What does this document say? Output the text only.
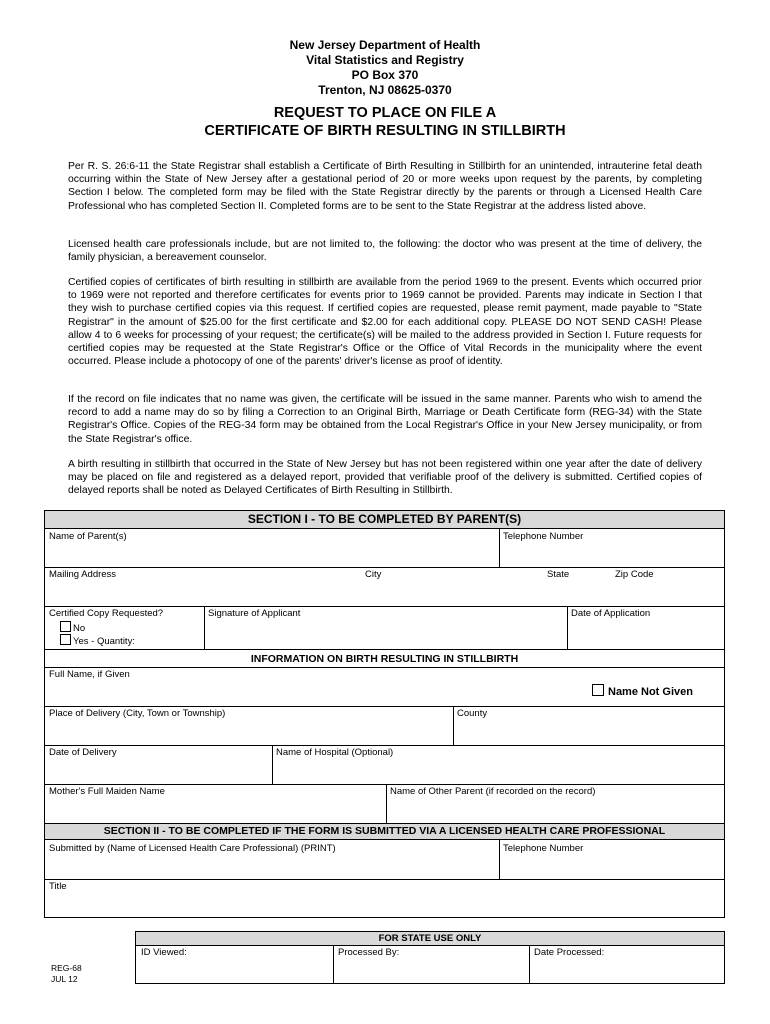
New Jersey Department of Health
Vital Statistics and Registry
PO Box 370
Trenton, NJ 08625-0370
REQUEST TO PLACE ON FILE A
CERTIFICATE OF BIRTH RESULTING IN STILLBIRTH
Per R. S. 26:6-11 the State Registrar shall establish a Certificate of Birth Resulting in Stillbirth for an unintended, intrauterine fetal death occurring within the State of New Jersey after a gestational period of 20 or more weeks upon request by the parents, by completing Section I below. The completed form may be filed with the State Registrar directly by the parents or through a Licensed Health Care Professional who has completed Section II. Completed forms are to be sent to the State Registrar at the address listed above.
Licensed health care professionals include, but are not limited to, the following: the doctor who was present at the time of delivery, the family physician, a bereavement counselor.
Certified copies of certificates of birth resulting in stillbirth are available from the period 1969 to the present. Events which occurred prior to 1969 were not reported and therefore certificates for events prior to 1969 cannot be provided. Parents may indicate in Section I that they wish to purchase certified copies via this request. If certified copies are requested, please remit payment, made payable to "State Registrar" in the amount of $25.00 for the first certificate and $2.00 for each additional copy. PLEASE DO NOT SEND CASH! Please allow 4 to 6 weeks for processing of your request; the certificate(s) will be mailed to the address provided in Section I. Future requests for certified copies may be requested at the State Registrar's Office or the Office of Vital Records in the municipality where the event occurred. Please include a photocopy of one of the parents' driver's license as proof of identity.
If the record on file indicates that no name was given, the certificate will be issued in the same manner. Parents who wish to amend the record to add a name may do so by filing a Correction to an Original Birth, Marriage or Death Certificate form (REG-34) with the State Registrar's Office. Copies of the REG-34 form may be obtained from the Local Registrar's Office in your New Jersey municipality, or from the State Registrar's office.
A birth resulting in stillbirth that occurred in the State of New Jersey but has not been registered within one year after the date of delivery may be placed on file and registered as a delayed report, provided that verifiable proof of the delivery is submitted. Certified copies of delayed reports shall be noted as Delayed Certificates of Birth Resulting in Stillbirth.
SECTION I - TO BE COMPLETED BY PARENT(S)
Name of Parent(s)	Telephone Number
Mailing Address	City	State	Zip Code
Certified Copy Requested?
No
Yes - Quantity:
Signature of Applicant	Date of Application
INFORMATION ON BIRTH RESULTING IN STILLBIRTH
Full Name, if Given
Name Not Given
Place of Delivery (City, Town or Township)	County
Date of Delivery	Name of Hospital (Optional)
Mother's Full Maiden Name	Name of Other Parent (if recorded on the record)
SECTION II - TO BE COMPLETED IF THE FORM IS SUBMITTED VIA A LICENSED HEALTH CARE PROFESSIONAL
Submitted by (Name of Licensed Health Care Professional) (PRINT)	Telephone Number
Title
FOR STATE USE ONLY
ID Viewed:	Processed By:	Date Processed:
REG-68
JUL 12
